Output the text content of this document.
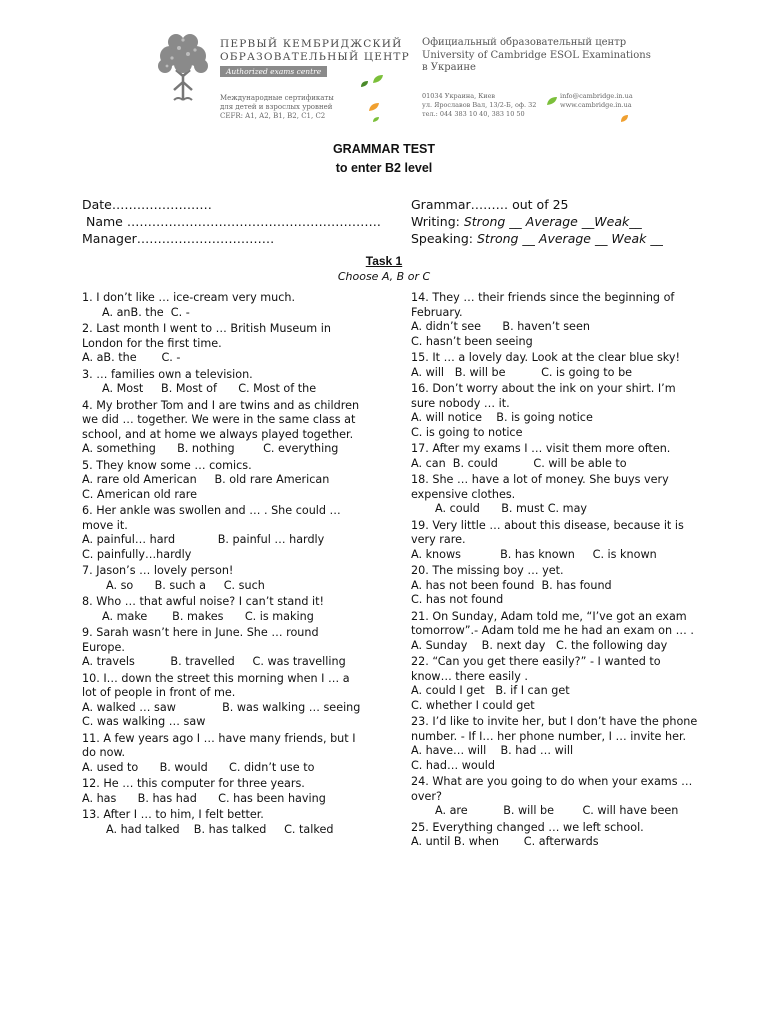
ПЕРВЫЙ КЕМБРИДЖСКИЙ
ОБРАЗОВАТЕЛЬНЫЙ ЦЕНТР
Authorized exams centre
Международные сертификаты
для детей и взрослых уровней
CEFR: A1, A2, B1, B2, C1, C2
Официальный образовательный центр
University of Cambridge ESOL Examinations
в Украине
01034 Украина, Киев
ул. Ярославов Вал, 13/2-Б, оф. 32
тел.: 044 383 10 40, 383 10 50
info@cambridge.in.ua
www.cambridge.in.ua
GRAMMAR TEST
to enter B2 level
Date……………………
Name …………………………………………………….
Manager……………………………
Grammar……… out of 25
Writing: Strong __ Average __Weak__
Speaking: Strong __ Average __ Weak __
Task 1
Choose A, B or C
1. I don’t like … ice-cream very much.
A. anB. the  C. -
2. Last month I went to … British Museum in London for the first time.
A. aB. the       C. -
3. … families own a television.
A. Most     B. Most of      C. Most of the
4. My brother Tom and I are twins and as children we did … together. We were in the same class at school, and at home we always played together.
A. something      B. nothing        C. everything
5. They know some … comics.
A. rare old American     B. old rare American
C. American old rare
6. Her ankle was swollen and … . She could … move it.
A. painful… hard            B. painful … hardly
C. painfully…hardly
7. Jason’s … lovely person!
A. so      B. such a     C. such
8. Who … that awful noise? I can’t stand it!
A. make       B. makes      C. is making
9. Sarah wasn’t here in June. She … round Europe.
A. travels          B. travelled     C. was travelling
10. I… down the street this morning when I … a lot of people in front of me.
A. walked … saw             B. was walking … seeing
C. was walking … saw
11. A few years ago I … have many friends, but I do now.
A. used to      B. would      C. didn’t use to
12. He … this computer for three years.
A. has      B. has had      C. has been having
13. After I … to him, I felt better.
A. had talked    B. has talked     C. talked
14. They … their friends since the beginning of February.
A. didn’t see      B. haven’t seen
C. hasn’t been seeing
15. It … a lovely day. Look at the clear blue sky!
A. will   B. will be          C. is going to be
16. Don’t worry about the ink on your shirt. I’m sure nobody … it.
A. will notice    B. is going notice
C. is going to notice
17. After my exams I … visit them more often.
A. can  B. could          C. will be able to
18. She … have a lot of money. She buys very expensive clothes.
A. could      B. must C. may
19. Very little … about this disease, because it is very rare.
A. knows           B. has known     C. is known
20. The missing boy … yet.
A. has not been found  B. has found
C. has not found
21. On Sunday, Adam told me, “I’ve got an exam tomorrow”.- Adam told me he had an exam on … .
A. Sunday    B. next day   C. the following day
22. “Can you get there easily?” - I wanted to know… there easily .
A. could I get   B. if I can get
C. whether I could get
23. I’d like to invite her, but I don’t have the phone number. - If I… her phone number, I … invite her.
A. have… will    B. had … will
C. had… would
24. What are you going to do when your exams … over?
A. are          B. will be        C. will have been
25. Everything changed … we left school.
A. until B. when       C. afterwards
